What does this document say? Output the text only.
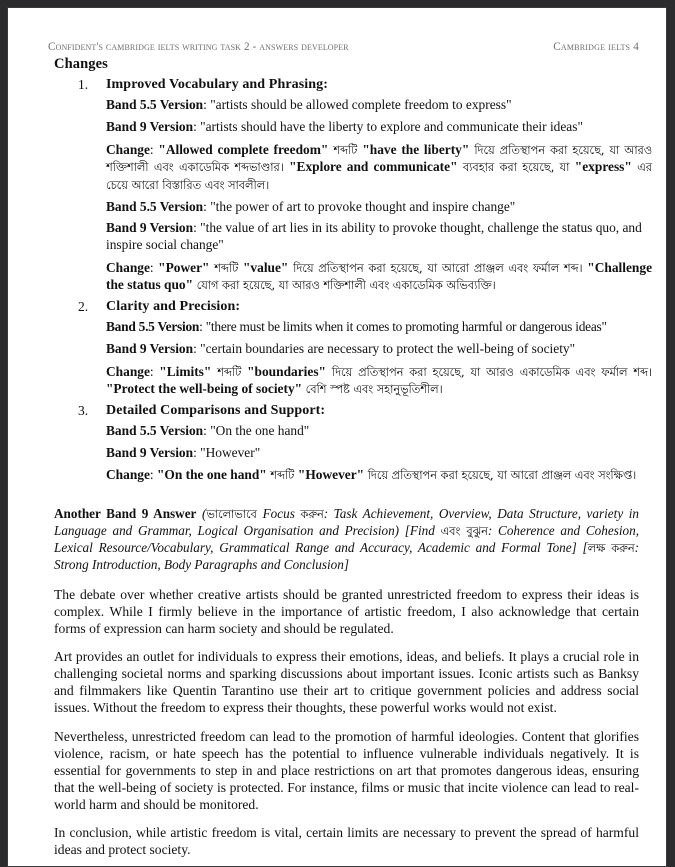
Confident's cambridge ielts writing task 2 - answers developer	cambridge ielts 4
Changes
1. Improved Vocabulary and Phrasing:
Band 5.5 Version: "artists should be allowed complete freedom to express"
Band 9 Version: "artists should have the liberty to explore and communicate their ideas"
Change: "Allowed complete freedom" শব্দটি "have the liberty" দিয়ে প্রতিস্থাপন করা হয়েছে, যা আরও শক্তিশালী এবং একাডেমিক শব্দভাণ্ডার। "Explore and communicate" ব্যবহার করা হয়েছে, যা "express" এর চেয়ে আরো বিস্তারিত এবং সাবলীল।
Band 5.5 Version: "the power of art to provoke thought and inspire change"
Band 9 Version: "the value of art lies in its ability to provoke thought, challenge the status quo, and inspire social change"
Change: "Power" শব্দটি "value" দিয়ে প্রতিস্থাপন করা হয়েছে, যা আরো প্রাঞ্জল এবং ফর্মাল শব্দ। "Challenge the status quo" যোগ করা হয়েছে, যা আরও শক্তিশালী এবং একাডেমিক অভিব্যক্তি।
2. Clarity and Precision:
Band 5.5 Version: "there must be limits when it comes to promoting harmful or dangerous ideas"
Band 9 Version: "certain boundaries are necessary to protect the well-being of society"
Change: "Limits" শব্দটি "boundaries" দিয়ে প্রতিস্থাপন করা হয়েছে, যা আরও একাডেমিক এবং ফর্মাল শব্দ। "Protect the well-being of society" বেশি স্পষ্ট এবং সহানুভূতিশীল।
3. Detailed Comparisons and Support:
Band 5.5 Version: "On the one hand"
Band 9 Version: "However"
Change: "On the one hand" শব্দটি "However" দিয়ে প্রতিস্থাপন করা হয়েছে, যা আরো প্রাঞ্জল এবং সংক্ষিপ্ত।
Another Band 9 Answer (ভালোভাবে Focus করুন: Task Achievement, Overview, Data Structure, variety in Language and Grammar, Logical Organisation and Precision) [Find এবং বুঝুন: Coherence and Cohesion, Lexical Resource/Vocabulary, Grammatical Range and Accuracy, Academic and Formal Tone] [লক্ষ করুন: Strong Introduction, Body Paragraphs and Conclusion]

The debate over whether creative artists should be granted unrestricted freedom to express their ideas is complex. While I firmly believe in the importance of artistic freedom, I also acknowledge that certain forms of expression can harm society and should be regulated.

Art provides an outlet for individuals to express their emotions, ideas, and beliefs. It plays a crucial role in challenging societal norms and sparking discussions about important issues. Iconic artists such as Banksy and filmmakers like Quentin Tarantino use their art to critique government policies and address social issues. Without the freedom to express their thoughts, these powerful works would not exist.

Nevertheless, unrestricted freedom can lead to the promotion of harmful ideologies. Content that glorifies violence, racism, or hate speech has the potential to influence vulnerable individuals negatively. It is essential for governments to step in and place restrictions on art that promotes dangerous ideas, ensuring that the well-being of society is protected. For instance, films or music that incite violence can lead to real-world harm and should be monitored.

In conclusion, while artistic freedom is vital, certain limits are necessary to prevent the spread of harmful ideas and protect society.
